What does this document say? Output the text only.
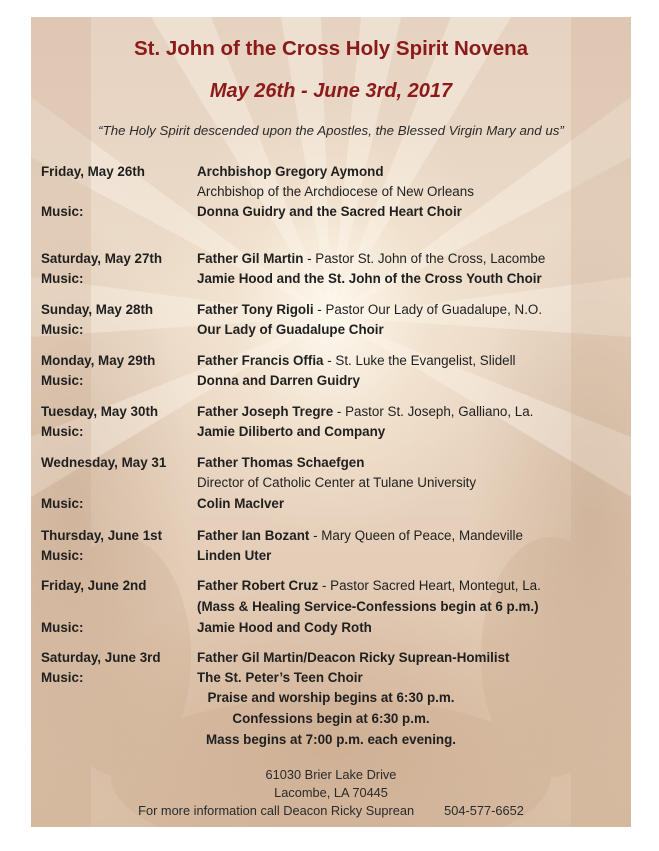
St. John of the Cross Holy Spirit Novena
May 26th - June 3rd, 2017
“The Holy Spirit descended upon the Apostles, the Blessed Virgin Mary and us”
Friday, May 26th	Archbishop Gregory Aymond
Archbishop of the Archdiocese of New Orleans
Music:	Donna Guidry and the Sacred Heart Choir
Saturday, May 27th	Father Gil Martin - Pastor St. John of the Cross, Lacombe
Music:	Jamie Hood and the St. John of the Cross Youth Choir
Sunday, May 28th	Father Tony Rigoli - Pastor Our Lady of Guadalupe, N.O.
Music:	Our Lady of Guadalupe Choir
Monday, May 29th	Father Francis Offia - St. Luke the Evangelist, Slidell
Music:	Donna and Darren Guidry
Tuesday, May 30th	Father Joseph Tregre - Pastor St. Joseph, Galliano, La.
Music:	Jamie Diliberto and Company
Wednesday, May 31	Father Thomas Schaefgen
Director of Catholic Center at Tulane University
Music:	Colin MacIver
Thursday, June 1st	Father Ian Bozant - Mary Queen of Peace, Mandeville
Music:	Linden Uter
Friday, June 2nd	Father Robert Cruz - Pastor Sacred Heart, Montegut, La.
(Mass & Healing Service-Confessions begin at 6 p.m.)
Music:	Jamie Hood and Cody Roth
Saturday, June 3rd	Father Gil Martin/Deacon Ricky Suprean-Homilist
Music:	The St. Peter’s Teen Choir
Praise and worship begins at 6:30 p.m.
Confessions begin at 6:30 p.m.
Mass begins at 7:00 p.m. each evening.
61030 Brier Lake Drive
Lacombe, LA 70445
For more information call Deacon Ricky Suprean 504-577-6652
